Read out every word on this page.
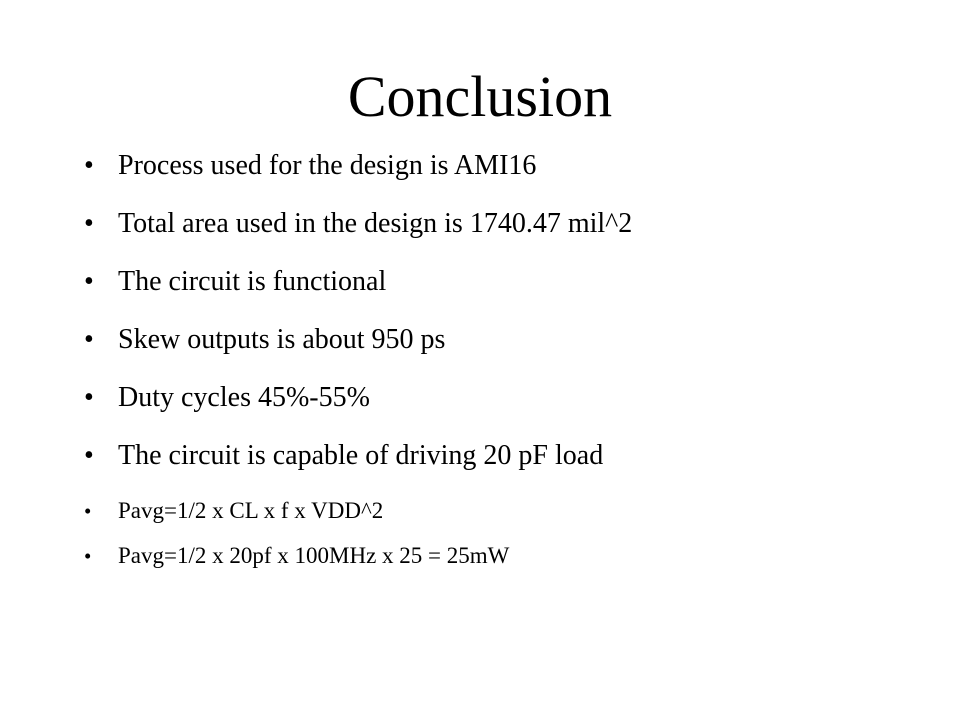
Conclusion
• Process used for the design is AMI16
• Total area used in the design is 1740.47 mil^2
• The circuit is functional
• Skew outputs is about 950 ps
• Duty cycles 45%-55%
• The circuit is capable of driving 20 pF load
• Pavg=1/2 x CL x f x VDD^2
• Pavg=1/2 x 20pf x 100MHz x 25 = 25mW
